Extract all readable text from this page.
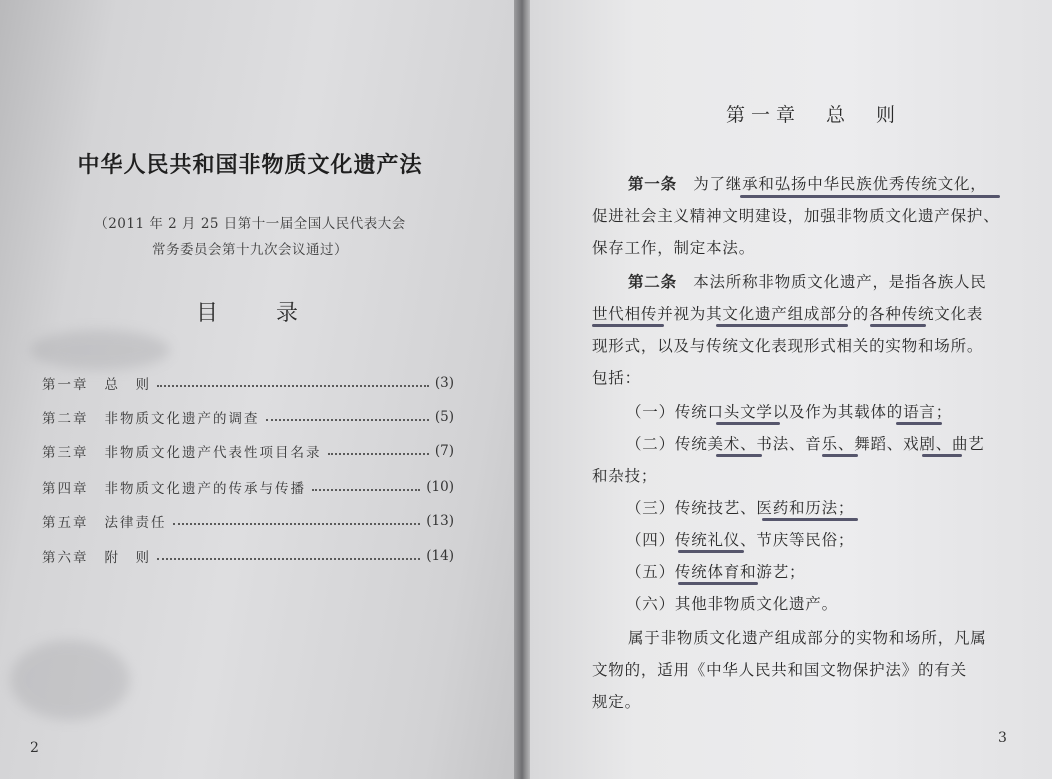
中华人民共和国非物质文化遗产法
（2011 年 2 月 25 日第十一届全国人民代表大会
常务委员会第十九次会议通过）
目录
第一章 总　则	(3)
第二章 非物质文化遗产的调查	(5)
第三章 非物质文化遗产代表性项目名录	(7)
第四章 非物质文化遗产的传承与传播	(10)
第五章 法律责任	(13)
第六章 附　则	(14)
2
第一章　总　则
第一条　为了继承和弘扬中华民族优秀传统文化，
促进社会主义精神文明建设，加强非物质文化遗产保护、
保存工作，制定本法。
第二条　本法所称非物质文化遗产，是指各族人民
世代相传并视为其文化遗产组成部分的各种传统文化表
现形式，以及与传统文化表现形式相关的实物和场所。
包括：
（一）传统口头文学以及作为其载体的语言；
（二）传统美术、书法、音乐、舞蹈、戏剧、曲艺
和杂技；
（三）传统技艺、医药和历法；
（四）传统礼仪、节庆等民俗；
（五）传统体育和游艺；
（六）其他非物质文化遗产。
属于非物质文化遗产组成部分的实物和场所，凡属
文物的，适用《中华人民共和国文物保护法》的有关
规定。
3
